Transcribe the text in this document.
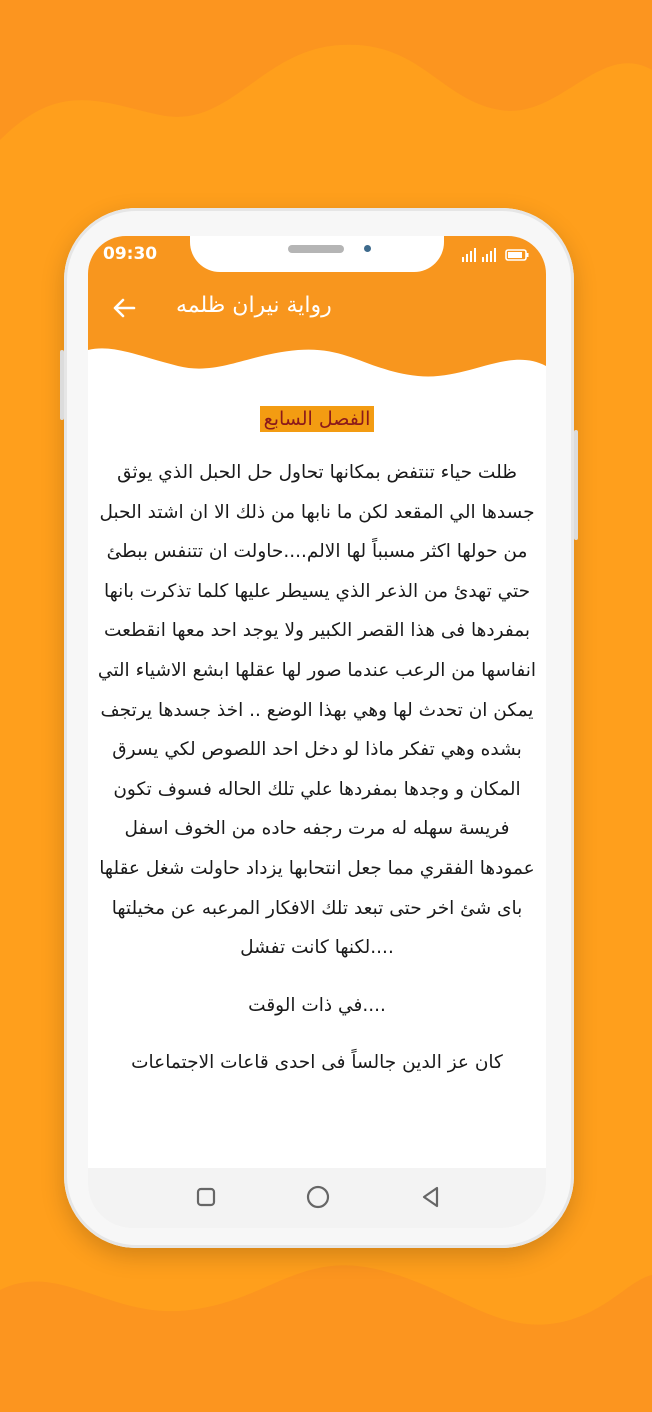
09:30
رواية نيران ظلمه
الفصل السابع
ظلت حياء تنتفض بمكانها تحاول حل الحبل الذي يوثق جسدها الي المقعد لكن ما نابها من ذلك الا ان اشتد الحبل من حولها اكثر مسبباً لها الالم....حاولت ان تتنفس ببطئ حتي تهدئ من الذعر الذي يسيطر عليها كلما تذكرت بانها بمفردها فى هذا القصر الكبير ولا يوجد احد معها انقطعت انفاسها من الرعب عندما صور لها عقلها ابشع الاشياء التي يمكن ان تحدث لها وهي بهذا الوضع .. اخذ جسدها يرتجف بشده وهي تفكر ماذا لو دخل احد اللصوص لكي يسرق المكان و وجدها بمفردها علي تلك الحاله فسوف تكون فريسة سهله له مرت رجفه حاده من الخوف اسفل عمودها الفقري مما جعل انتحابها يزداد حاولت شغل عقلها باى شئ اخر حتى تبعد تلك الافكار المرعبه عن مخيلتها ....لكنها كانت تفشل
....في ذات الوقت
كان عز الدين جالساً فى احدى قاعات الاجتماعات
